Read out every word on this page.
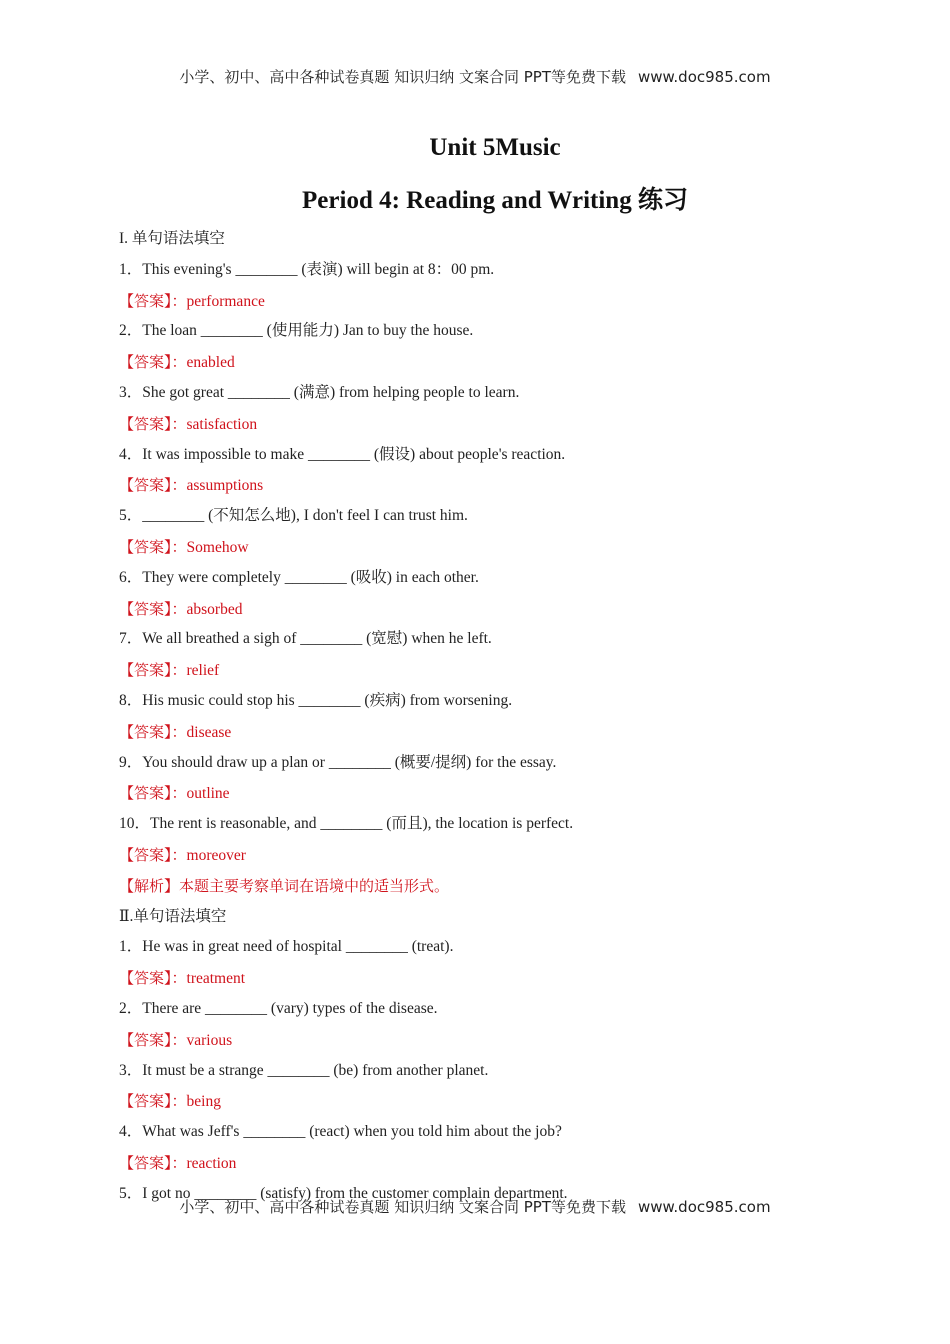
小学、初中、高中各种试卷真题 知识归纳 文案合同 PPT等免费下载 www.doc985.com
Unit 5Music
Period 4: Reading and Writing 练习
I. 单句语法填空
1．This evening's ________ (表演) will begin at 8：00 pm.
【答案】：performance
2．The loan ________ (使用能力) Jan to buy the house.
【答案】：enabled
3．She got great ________ (满意) from helping people to learn.
【答案】：satisfaction
4．It was impossible to make ________ (假设) about people's reaction.
【答案】：assumptions
5．________ (不知怎么地), I don't feel I can trust him.
【答案】：Somehow
6．They were completely ________ (吸收) in each other.
【答案】：absorbed
7．We all breathed a sigh of ________ (宽慰) when he left.
【答案】：relief
8．His music could stop his ________ (疾病) from worsening.
【答案】：disease
9．You should draw up a plan or ________ (概要/提纲) for the essay.
【答案】：outline
10．The rent is reasonable, and ________ (而且), the location is perfect.
【答案】：moreover
【解析】本题主要考察单词在语境中的适当形式。
Ⅱ.单句语法填空
1．He was in great need of hospital ________ (treat).
【答案】：treatment
2．There are ________ (vary) types of the disease.
【答案】：various
3．It must be a strange ________ (be) from another planet.
【答案】：being
4．What was Jeff's ________ (react) when you told him about the job?
【答案】：reaction
5．I got no ________ (satisfy) from the customer complain department.
小学、初中、高中各种试卷真题 知识归纳 文案合同 PPT等免费下载 www.doc985.com
